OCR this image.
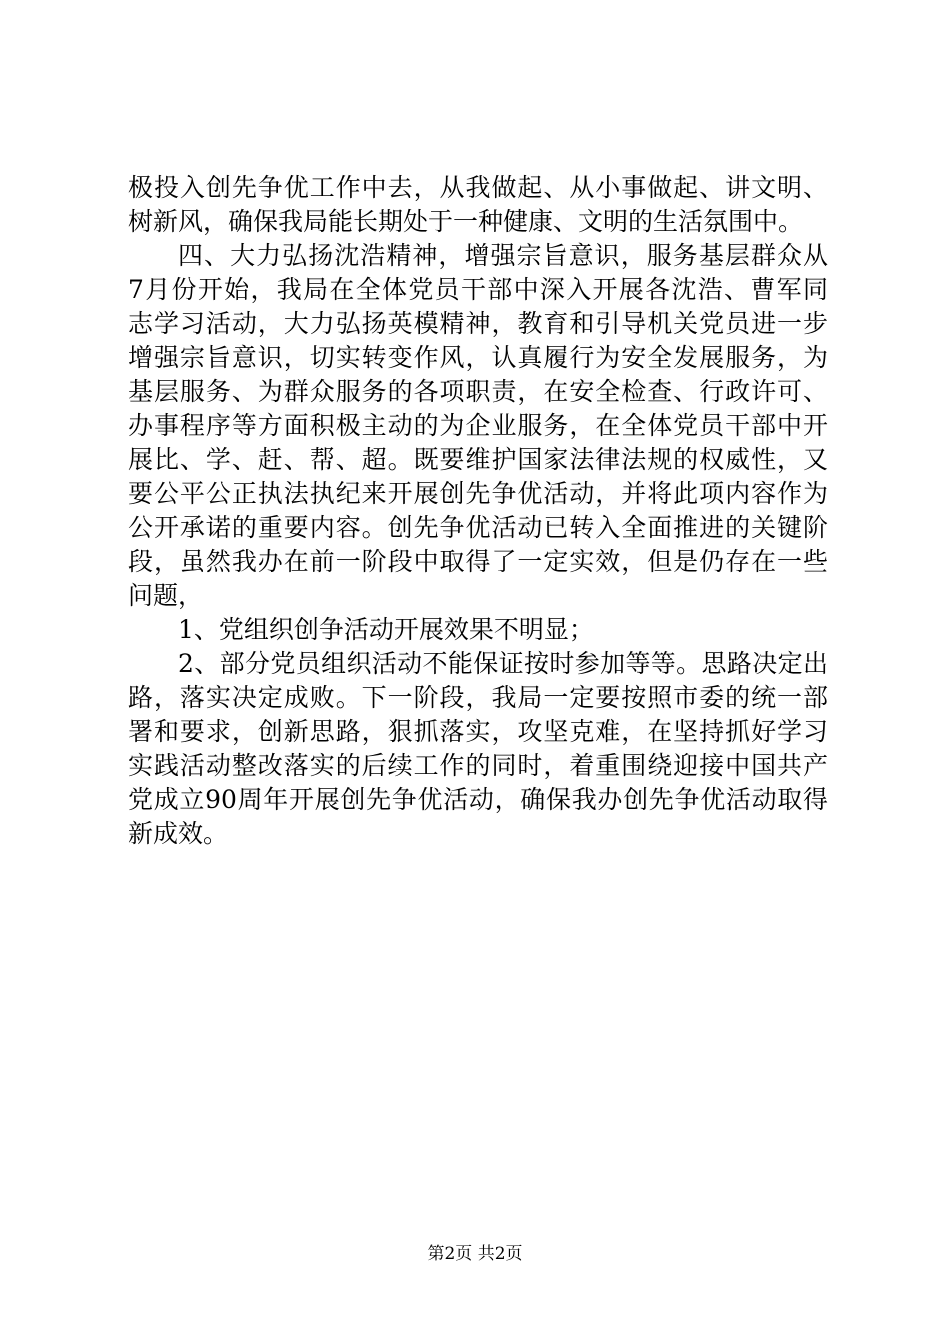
极投入创先争优工作中去，从我做起、从小事做起、讲文明、
树新风，确保我局能长期处于一种健康、文明的生活氛围中。
四、大力弘扬沈浩精神，增强宗旨意识，服务基层群众从
7月份开始，我局在全体党员干部中深入开展各沈浩、曹军同
志学习活动，大力弘扬英模精神，教育和引导机关党员进一步
增强宗旨意识，切实转变作风，认真履行为安全发展服务，为
基层服务、为群众服务的各项职责，在安全检查、行政许可、
办事程序等方面积极主动的为企业服务，在全体党员干部中开
展比、学、赶、帮、超。既要维护国家法律法规的权威性，又
要公平公正执法执纪来开展创先争优活动，并将此项内容作为
公开承诺的重要内容。创先争优活动已转入全面推进的关键阶
段，虽然我办在前一阶段中取得了一定实效，但是仍存在一些
问题，
1、党组织创争活动开展效果不明显；
2、部分党员组织活动不能保证按时参加等等。思路决定出
路，落实决定成败。下一阶段，我局一定要按照市委的统一部
署和要求，创新思路，狠抓落实，攻坚克难，在坚持抓好学习
实践活动整改落实的后续工作的同时，着重围绕迎接中国共产
党成立90周年开展创先争优活动，确保我办创先争优活动取得
新成效。
第2页 共2页
